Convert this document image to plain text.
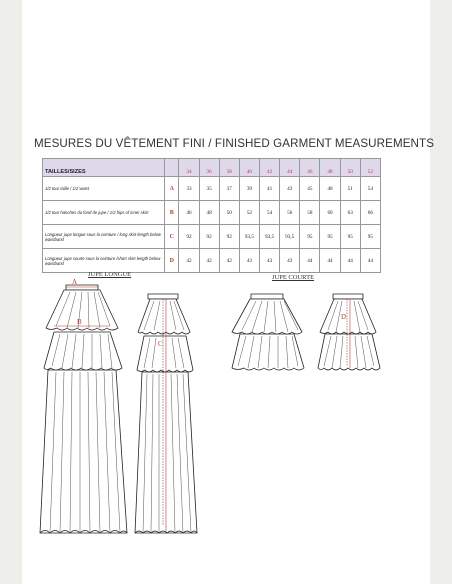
MESURES DU VÊTEMENT FINI / FINISHED GARMENT MEASUREMENTS
TAILLES/SIZES		34	36	38	40	42	44	46	48	50	52
1/2 tour taille / 1/2 waist	A	33	35	37	39	41	43	45	48	51	54
1/2 tour hanches du fond de jupe / 1/2 hips of inner skirt	B	46	48	50	52	54	56	58	60	63	66
Longueur jupe longue sous la ceinture / long skirt length below waistband	C	92	92	92	93,5	93,5	93,5	95	95	95	95
Longueur jupe courte sous la ceinture /short skirt length below waistband	D	42	42	42	43	43	43	44	44	44	44
JUPE LONGUE	JUPE COURTE
A
B
C
D
